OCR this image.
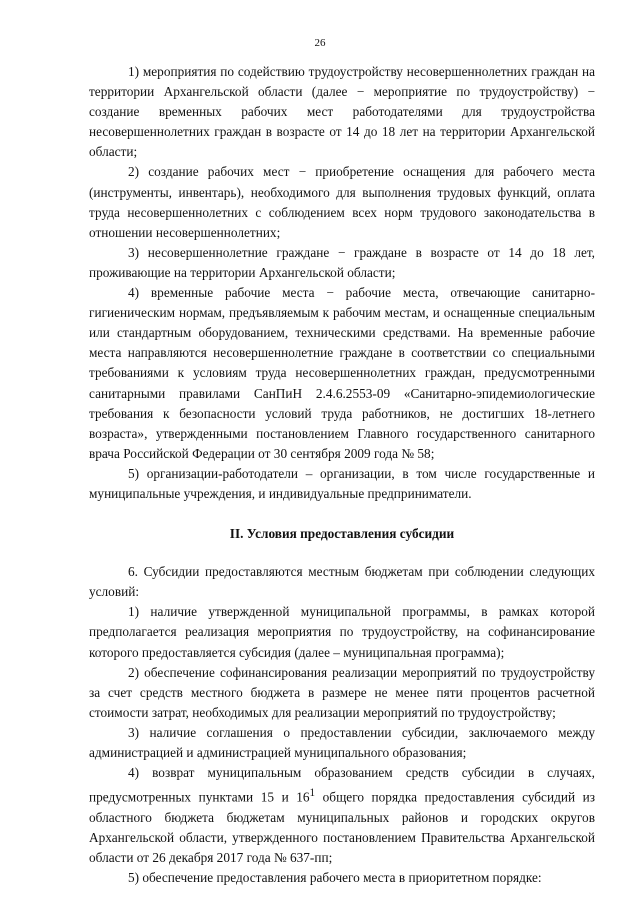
26

1) мероприятия по содействию трудоустройству несовершеннолетних граждан на территории Архангельской области (далее − мероприятие по трудоустройству) − создание временных рабочих мест работодателями для трудоустройства несовершеннолетних граждан в возрасте от 14 до 18 лет на территории Архангельской области;

2) создание рабочих мест − приобретение оснащения для рабочего места (инструменты, инвентарь), необходимого для выполнения трудовых функций, оплата труда несовершеннолетних с соблюдением всех норм трудового законодательства в отношении несовершеннолетних;

3) несовершеннолетние граждане − граждане в возрасте от 14 до 18 лет, проживающие на территории Архангельской области;

4) временные рабочие места − рабочие места, отвечающие санитарно-гигиеническим нормам, предъявляемым к рабочим местам, и оснащенные специальным или стандартным оборудованием, техническими средствами. На временные рабочие места направляются несовершеннолетние граждане в соответствии со специальными требованиями к условиям труда несовершеннолетних граждан, предусмотренными санитарными правилами СанПиН 2.4.6.2553-09 «Санитарно-эпидемиологические требования к безопасности условий труда работников, не достигших 18-летнего возраста», утвержденными постановлением Главного государственного санитарного врача Российской Федерации от 30 сентября 2009 года № 58;

5) организации-работодатели – организации, в том числе государственные и муниципальные учреждения, и индивидуальные предприниматели.

II. Условия предоставления субсидии

6. Субсидии предоставляются местным бюджетам при соблюдении следующих условий:

1) наличие утвержденной муниципальной программы, в рамках которой предполагается реализация мероприятия по трудоустройству, на софинансирование которого предоставляется субсидия (далее – муниципальная программа);

2) обеспечение софинансирования реализации мероприятий по трудоустройству за счет средств местного бюджета в размере не менее пяти процентов расчетной стоимости затрат, необходимых для реализации мероприятий по трудоустройству;

3) наличие соглашения о предоставлении субсидии, заключаемого между администрацией и администрацией муниципального образования;

4) возврат муниципальным образованием средств субсидии в случаях, предусмотренных пунктами 15 и $16^1$ общего порядка предоставления субсидий из областного бюджета бюджетам муниципальных районов и городских округов Архангельской области, утвержденного постановлением Правительства Архангельской области от 26 декабря 2017 года № 637-пп;

5) обеспечение предоставления рабочего места в приоритетном порядке:
